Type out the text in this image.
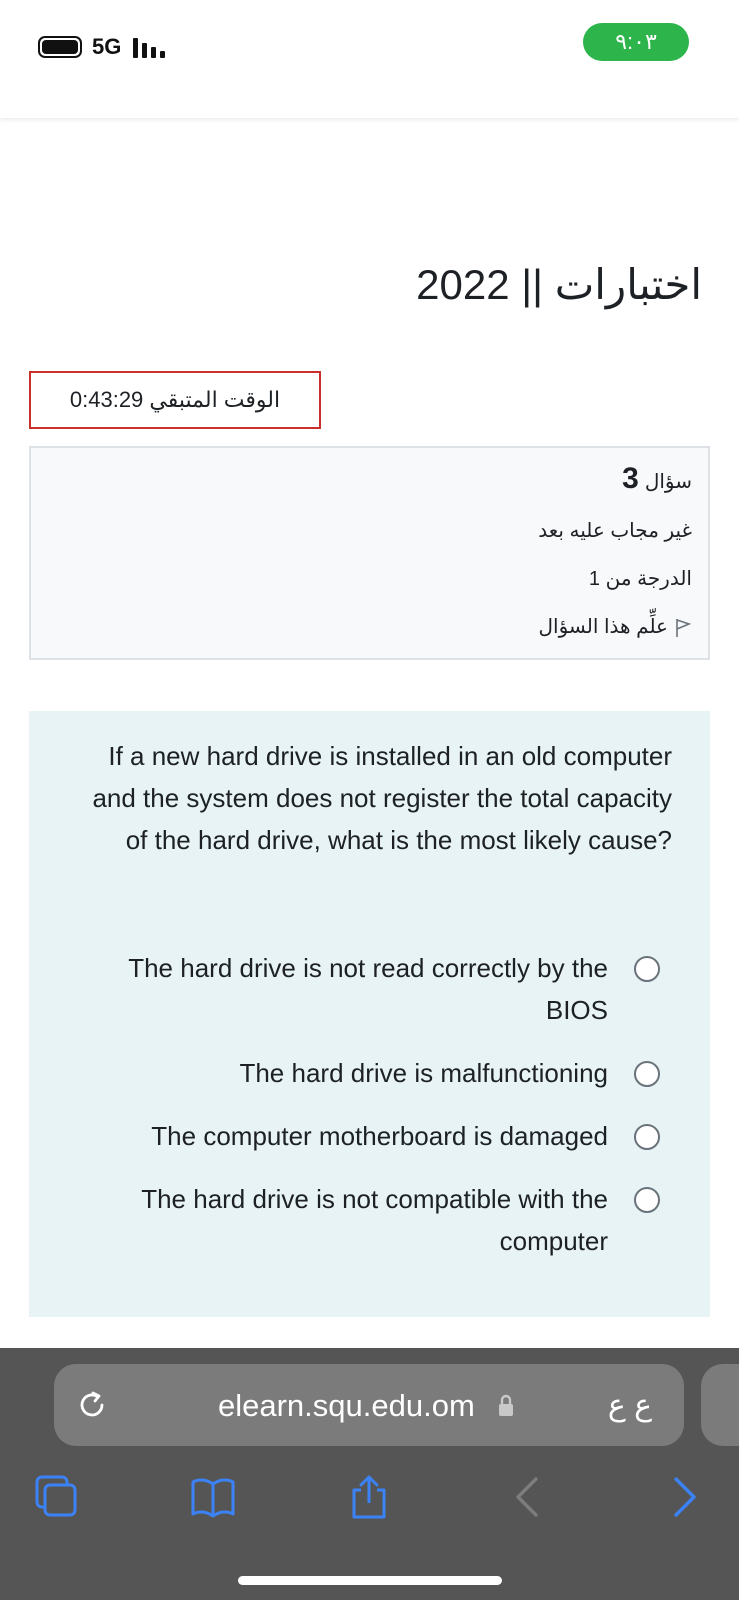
5G	٩:٠٣
اختبارات || 2022
الوقت المتبقي 0:43:29
سؤال3
غير مجاب عليه بعد
الدرجة من 1
علِّم هذا السؤال
If a new hard drive is installed in an old computer and the system does not register the total capacity of the hard drive, what is the most likely cause?
The hard drive is not read correctly by the BIOS
The hard drive is malfunctioning
The computer motherboard is damaged
The hard drive is not compatible with the computer
elearn.squ.edu.om	ع ع
